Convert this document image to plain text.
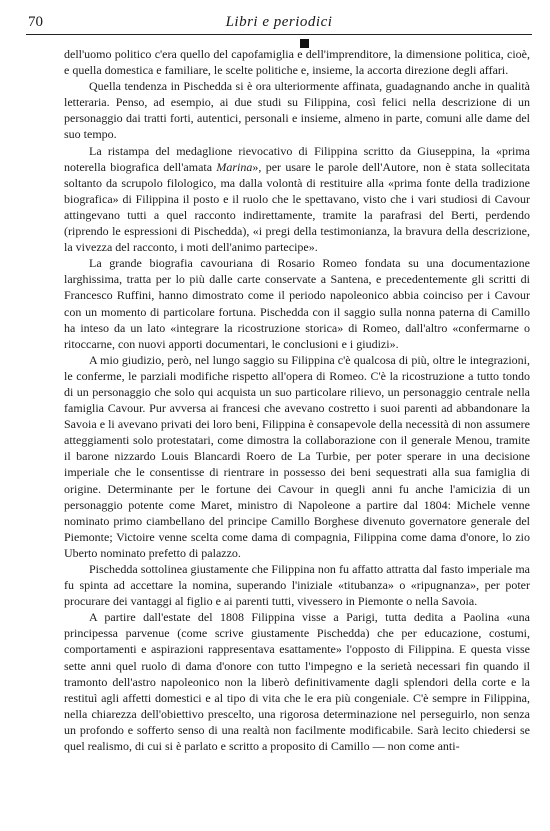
70	Libri e periodici

dell'uomo politico c'era quello del capofamiglia e dell'imprenditore, la dimensione politica, cioè, e quella domestica e familiare, le scelte politiche e, insieme, la accorta direzione degli affari.

Quella tendenza in Pischedda si è ora ulteriormente affinata, guadagnando anche in qualità letteraria. Penso, ad esempio, ai due studi su Filippina, così felici nella descrizione di un personaggio dai tratti forti, autentici, personali e insieme, almeno in parte, comuni alle dame del suo tempo.

La ristampa del medaglione rievocativo di Filippina scritto da Giuseppina, la «prima noterella biografica dell'amata Marina», per usare le parole dell'Autore, non è stata sollecitata soltanto da scrupolo filologico, ma dalla volontà di restituire alla «prima fonte della tradizione biografica» di Filippina il posto e il ruolo che le spettavano, visto che i vari studiosi di Cavour attingevano tutti a quel racconto indirettamente, tramite la parafrasi del Berti, perdendo (riprendo le espressioni di Pischedda), «i pregi della testimonianza, la bravura della descrizione, la vivezza del racconto, i moti dell'animo partecipe».

La grande biografia cavouriana di Rosario Romeo fondata su una documentazione larghissima, tratta per lo più dalle carte conservate a Santena, e precedentemente gli scritti di Francesco Ruffini, hanno dimostrato come il periodo napoleonico abbia coinciso per i Cavour con un momento di particolare fortuna. Pischedda con il saggio sulla nonna paterna di Camillo ha inteso da un lato «integrare la ricostruzione storica» di Romeo, dall'altro «confermarne o ritoccarne, con nuovi apporti documentari, le conclusioni e i giudizi».

A mio giudizio, però, nel lungo saggio su Filippina c'è qualcosa di più, oltre le integrazioni, le conferme, le parziali modifiche rispetto all'opera di Romeo. C'è la ricostruzione a tutto tondo di un personaggio che solo qui acquista un suo particolare rilievo, un personaggio centrale nella famiglia Cavour. Pur avversa ai francesi che avevano costretto i suoi parenti ad abbandonare la Savoia e li avevano privati dei loro beni, Filippina è consapevole della necessità di non assumere atteggiamenti solo protestatari, come dimostra la collaborazione con il generale Menou, tramite il barone nizzardo Louis Blancardi Roero de La Turbie, per poter sperare in una decisione imperiale che le consentisse di rientrare in possesso dei beni sequestrati alla sua famiglia di origine. Determinante per le fortune dei Cavour in quegli anni fu anche l'amicizia di un personaggio potente come Maret, ministro di Napoleone a partire dal 1804: Michele venne nominato primo ciambellano del principe Camillo Borghese divenuto governatore generale del Piemonte; Victoire venne scelta come dama di compagnia, Filippina come dama d'onore, lo zio Uberto nominato prefetto di palazzo.

Pischedda sottolinea giustamente che Filippina non fu affatto attratta dal fasto imperiale ma fu spinta ad accettare la nomina, superando l'iniziale «titubanza» o «ripugnanza», per poter procurare dei vantaggi al figlio e ai parenti tutti, vivessero in Piemonte o nella Savoia.

A partire dall'estate del 1808 Filippina visse a Parigi, tutta dedita a Paolina «una principessa parvenue (come scrive giustamente Pischedda) che per educazione, costumi, comportamenti e aspirazioni rappresentava esattamente» l'opposto di Filippina. E questa visse sette anni quel ruolo di dama d'onore con tutto l'impegno e la serietà necessari fin quando il tramonto dell'astro napoleonico non la liberò definitivamente dagli splendori della corte e la restituì agli affetti domestici e al tipo di vita che le era più congeniale. C'è sempre in Filippina, nella chiarezza dell'obiettivo prescelto, una rigorosa determinazione nel perseguirlo, non senza un profondo e sofferto senso di una realtà non facilmente modificabile. Sarà lecito chiedersi se quel realismo, di cui si è parlato e scritto a proposito di Camillo — non come anti-
